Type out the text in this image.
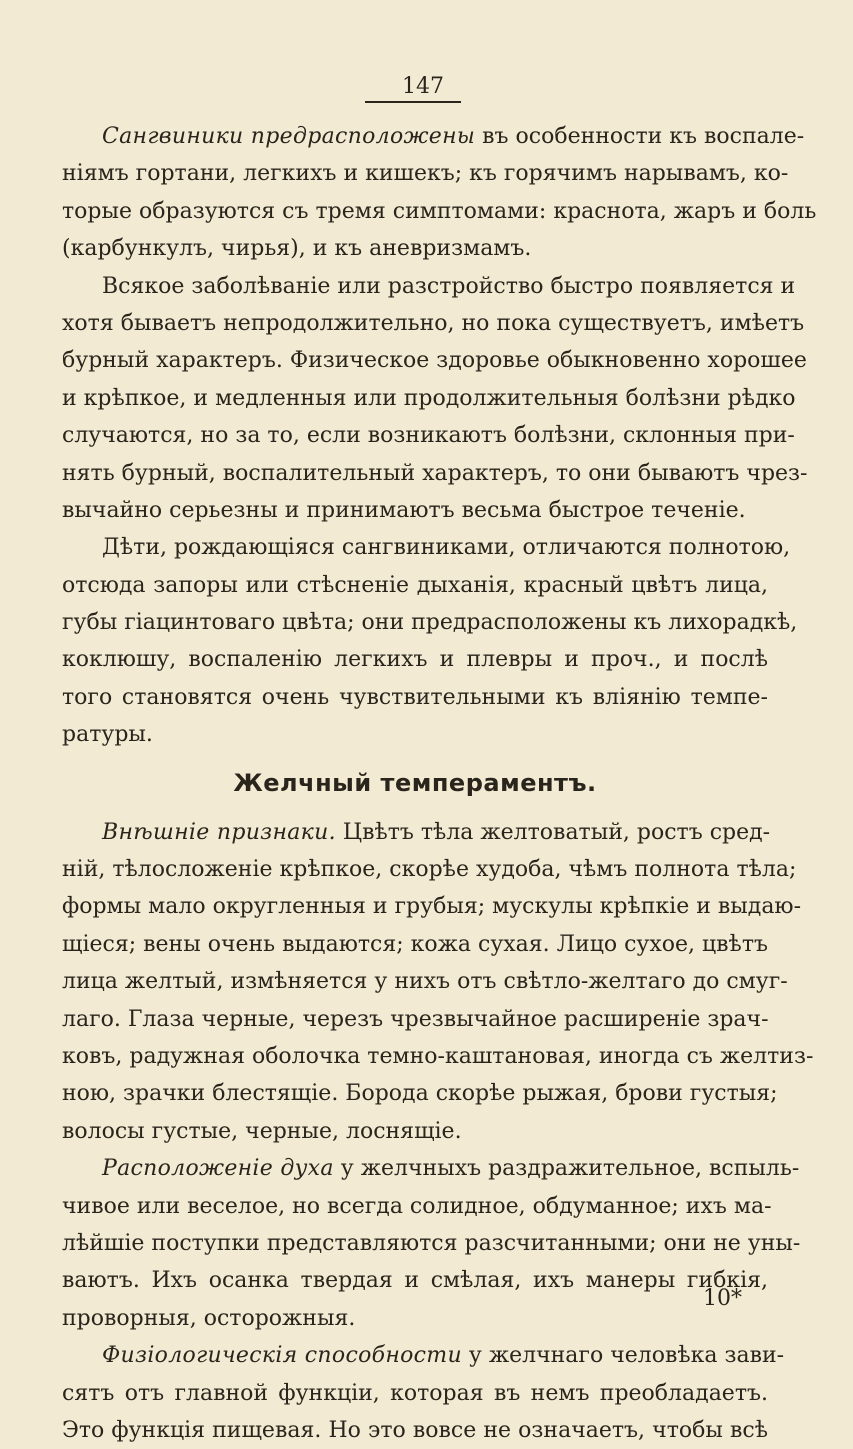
147
Сангвиники предрасположены въ особенности къ воспале-
ніямъ гортани, легкихъ и кишекъ; къ горячимъ нарывамъ, ко-
торые образуются съ тремя симптомами: краснота, жаръ и боль
(карбункулъ, чирья), и къ аневризмамъ.
Всякое заболѣваніе или разстройство быстро появляется и
хотя бываетъ непродолжительно, но пока существуетъ, имѣетъ
бурный характеръ. Физическое здоровье обыкновенно хорошее
и крѣпкое, и медленныя или продолжительныя болѣзни рѣдко
случаются, но за то, если возникаютъ болѣзни, склонныя при-
нять бурный, воспалительный характеръ, то они бываютъ чрез-
вычайно серьезны и принимаютъ весьма быстрое теченіе.
Дѣти, рождающіяся сангвиниками, отличаются полнотою,
отсюда запоры или стѣсненіе дыханія, красный цвѣтъ лица,
губы гіацинтоваго цвѣта; они предрасположены къ лихорадкѣ,
коклюшу, воспаленію легкихъ и плевры и проч., и послѣ
того становятся очень чувствительными къ вліянію темпе-
ратуры.
Желчный темпераментъ.
Внѣшніе признаки. Цвѣтъ тѣла желтоватый, ростъ сред-
ній, тѣлосложеніе крѣпкое, скорѣе худоба, чѣмъ полнота тѣла;
формы мало округленныя и грубыя; мускулы крѣпкіе и выдаю-
щіеся; вены очень выдаются; кожа сухая. Лицо сухое, цвѣтъ
лица желтый, измѣняется у нихъ отъ свѣтло-желтаго до смуг-
лаго. Глаза черные, черезъ чрезвычайное расширеніе зрач-
ковъ, радужная оболочка темно-каштановая, иногда съ желтиз-
ною, зрачки блестящіе. Борода скорѣе рыжая, брови густыя;
волосы густые, черные, лоснящіе.
Расположеніе духа у желчныхъ раздражительное, вспыль-
чивое или веселое, но всегда солидное, обдуманное; ихъ ма-
лѣйшіе поступки представляются разсчитанными; они не уны-
ваютъ. Ихъ осанка твердая и смѣлая, ихъ манеры гибкія,
проворныя, осторожныя.
Физіологическія способности у желчнаго человѣка зави-
сятъ отъ главной функціи, которая въ немъ преобладаетъ.
Это функція пищевая. Но это вовсе не означаетъ, чтобы всѣ
10*
